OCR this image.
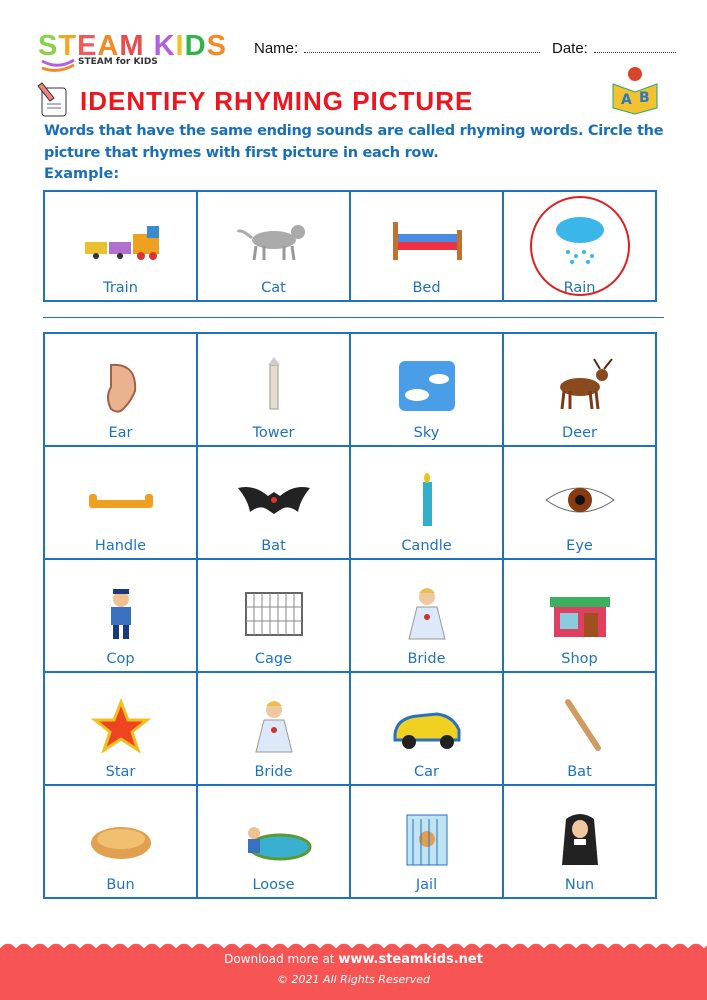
STEAM KIDS
STEAM for KIDS
Name:	Date:
IDENTIFY RHYMING PICTURE	A B
Words that have the same ending sounds are called rhyming words. Circle the picture that rhymes with first picture in each row.
Example:
Train	Cat	Bed	Rain
Ear	Tower	Sky	Deer

Handle	Bat	Candle	Eye

Cop	Cage	Bride	Shop

Star	Bride	Car	Bat

Bun	Loose	Jail	Nun
Download more at www.steamkids.net
© 2021 All Rights Reserved
